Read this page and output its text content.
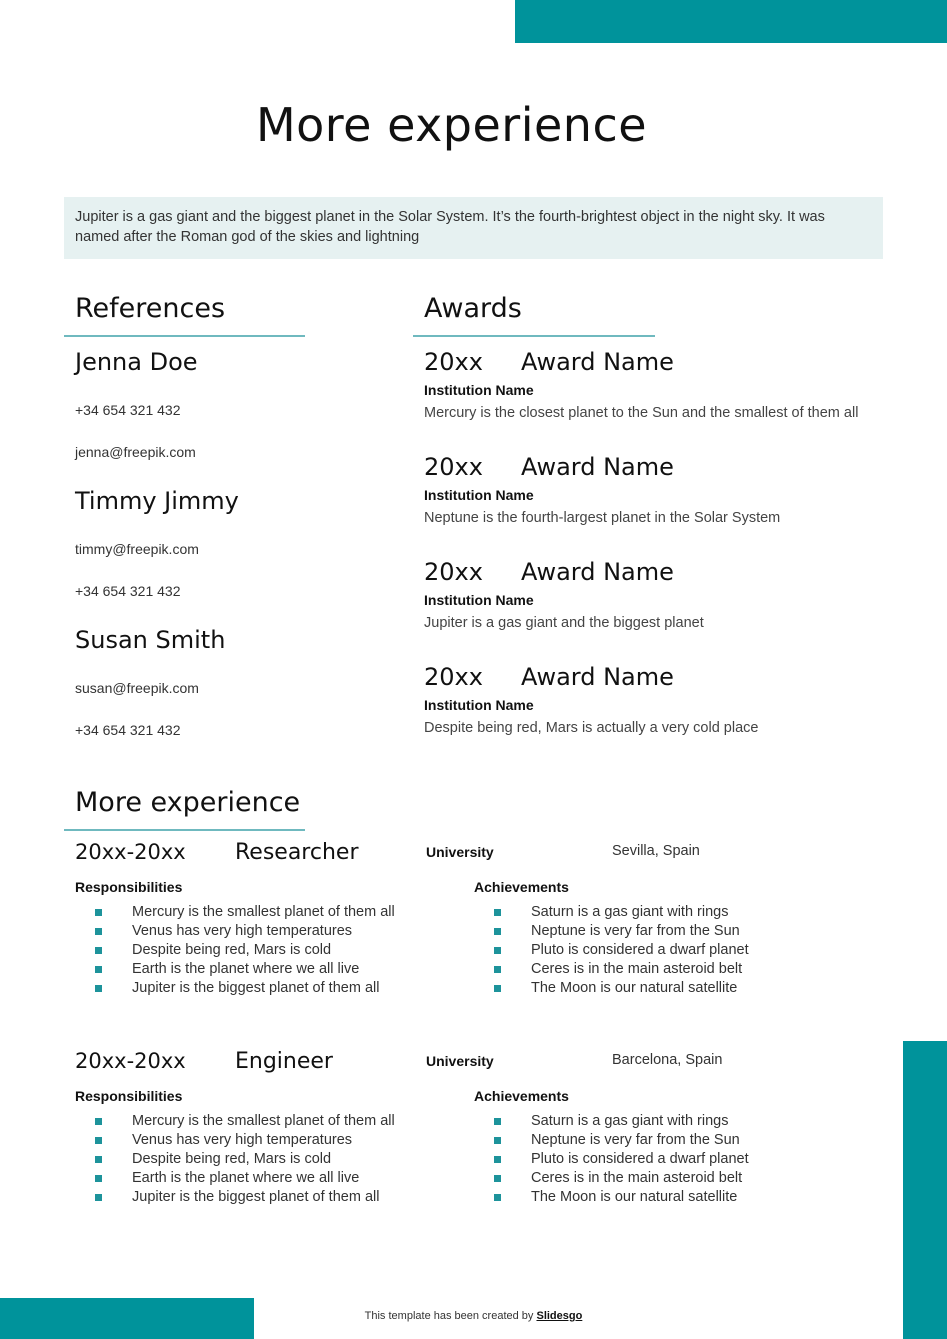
More experience
Jupiter is a gas giant and the biggest planet in the Solar System. It’s the fourth-brightest object in the night sky. It was named after the Roman god of the skies and lightning
References
Jenna Doe
+34 654 321 432
jenna@freepik.com
Timmy Jimmy
timmy@freepik.com
+34 654 321 432
Susan Smith
susan@freepik.com
+34 654 321 432
Awards
20xx	Award Name
Institution Name
Mercury is the closest planet to the Sun and the smallest of them all
20xx	Award Name
Institution Name
Neptune is the fourth-largest planet in the Solar System
20xx	Award Name
Institution Name
Jupiter is a gas giant and the biggest planet
20xx	Award Name
Institution Name
Despite being red, Mars is actually a very cold place
More experience
20xx-20xx Researcher	University	Sevilla, Spain
Responsibilities
Mercury is the smallest planet of them all
Venus has very high temperatures
Despite being red, Mars is cold
Earth is the planet where we all live
Jupiter is the biggest planet of them all
Achievements
Saturn is a gas giant with rings
Neptune is very far from the Sun
Pluto is considered a dwarf planet
Ceres is in the main asteroid belt
The Moon is our natural satellite
20xx-20xx Engineer	University	Barcelona, Spain
Responsibilities
Mercury is the smallest planet of them all
Venus has very high temperatures
Despite being red, Mars is cold
Earth is the planet where we all live
Jupiter is the biggest planet of them all
Achievements
Saturn is a gas giant with rings
Neptune is very far from the Sun
Pluto is considered a dwarf planet
Ceres is in the main asteroid belt
The Moon is our natural satellite
This template has been created by Slidesgo
